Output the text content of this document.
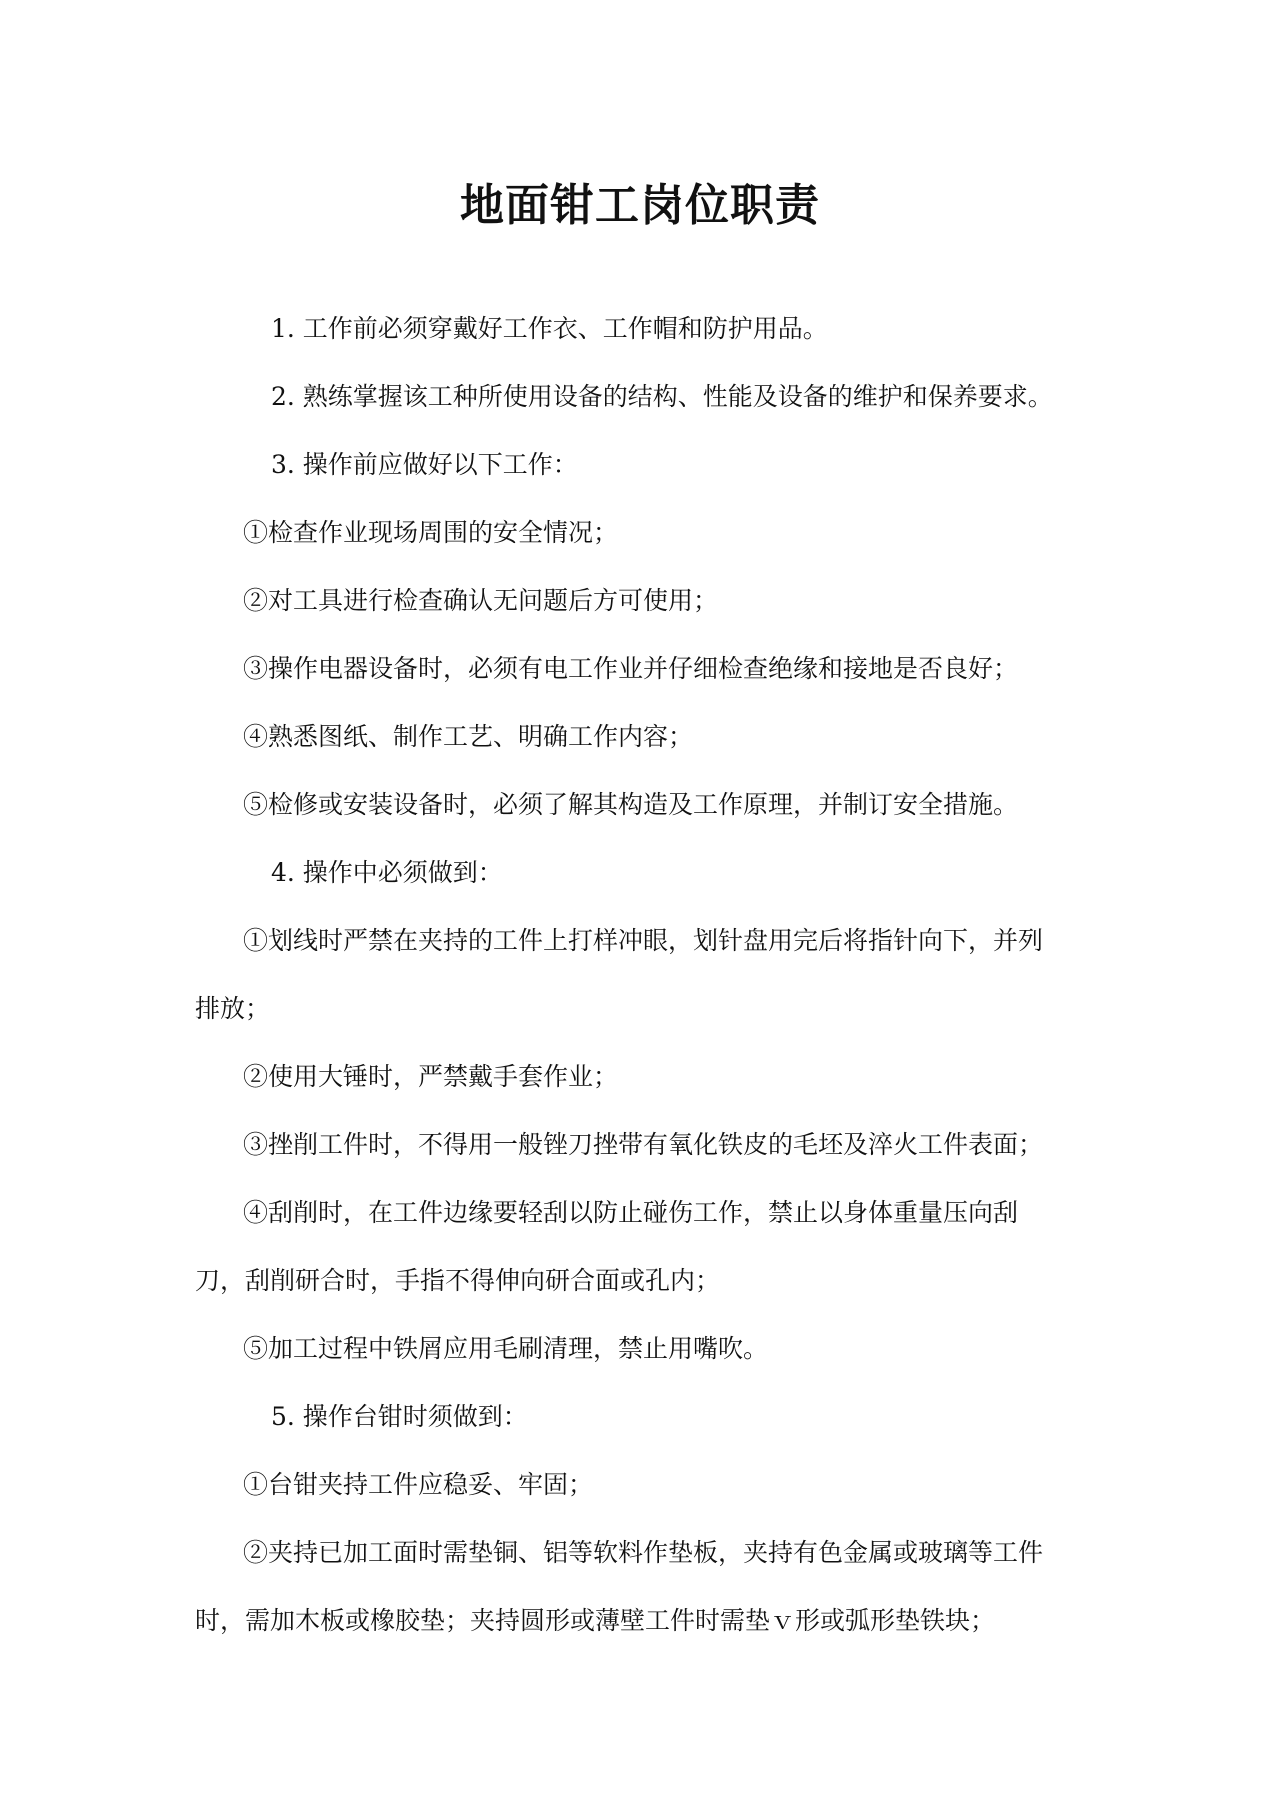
地面钳工岗位职责

1. 工作前必须穿戴好工作衣、工作帽和防护用品。

2. 熟练掌握该工种所使用设备的结构、性能及设备的维护和保养要求。

3. 操作前应做好以下工作：

①检查作业现场周围的安全情况；

②对工具进行检查确认无问题后方可使用；

③操作电器设备时，必须有电工作业并仔细检查绝缘和接地是否良好；

④熟悉图纸、制作工艺、明确工作内容；

⑤检修或安装设备时，必须了解其构造及工作原理，并制订安全措施。

4. 操作中必须做到：

①划线时严禁在夹持的工件上打样冲眼，划针盘用完后将指针向下，并列

排放；

②使用大锤时，严禁戴手套作业；

③挫削工件时，不得用一般锉刀挫带有氧化铁皮的毛坯及淬火工件表面；

④刮削时，在工件边缘要轻刮以防止碰伤工作，禁止以身体重量压向刮

刀，刮削研合时，手指不得伸向研合面或孔内；

⑤加工过程中铁屑应用毛刷清理，禁止用嘴吹。

5. 操作台钳时须做到：

①台钳夹持工件应稳妥、牢固；

②夹持已加工面时需垫铜、铝等软料作垫板，夹持有色金属或玻璃等工件

时，需加木板或橡胶垫；夹持圆形或薄壁工件时需垫ｖ形或弧形垫铁块；
